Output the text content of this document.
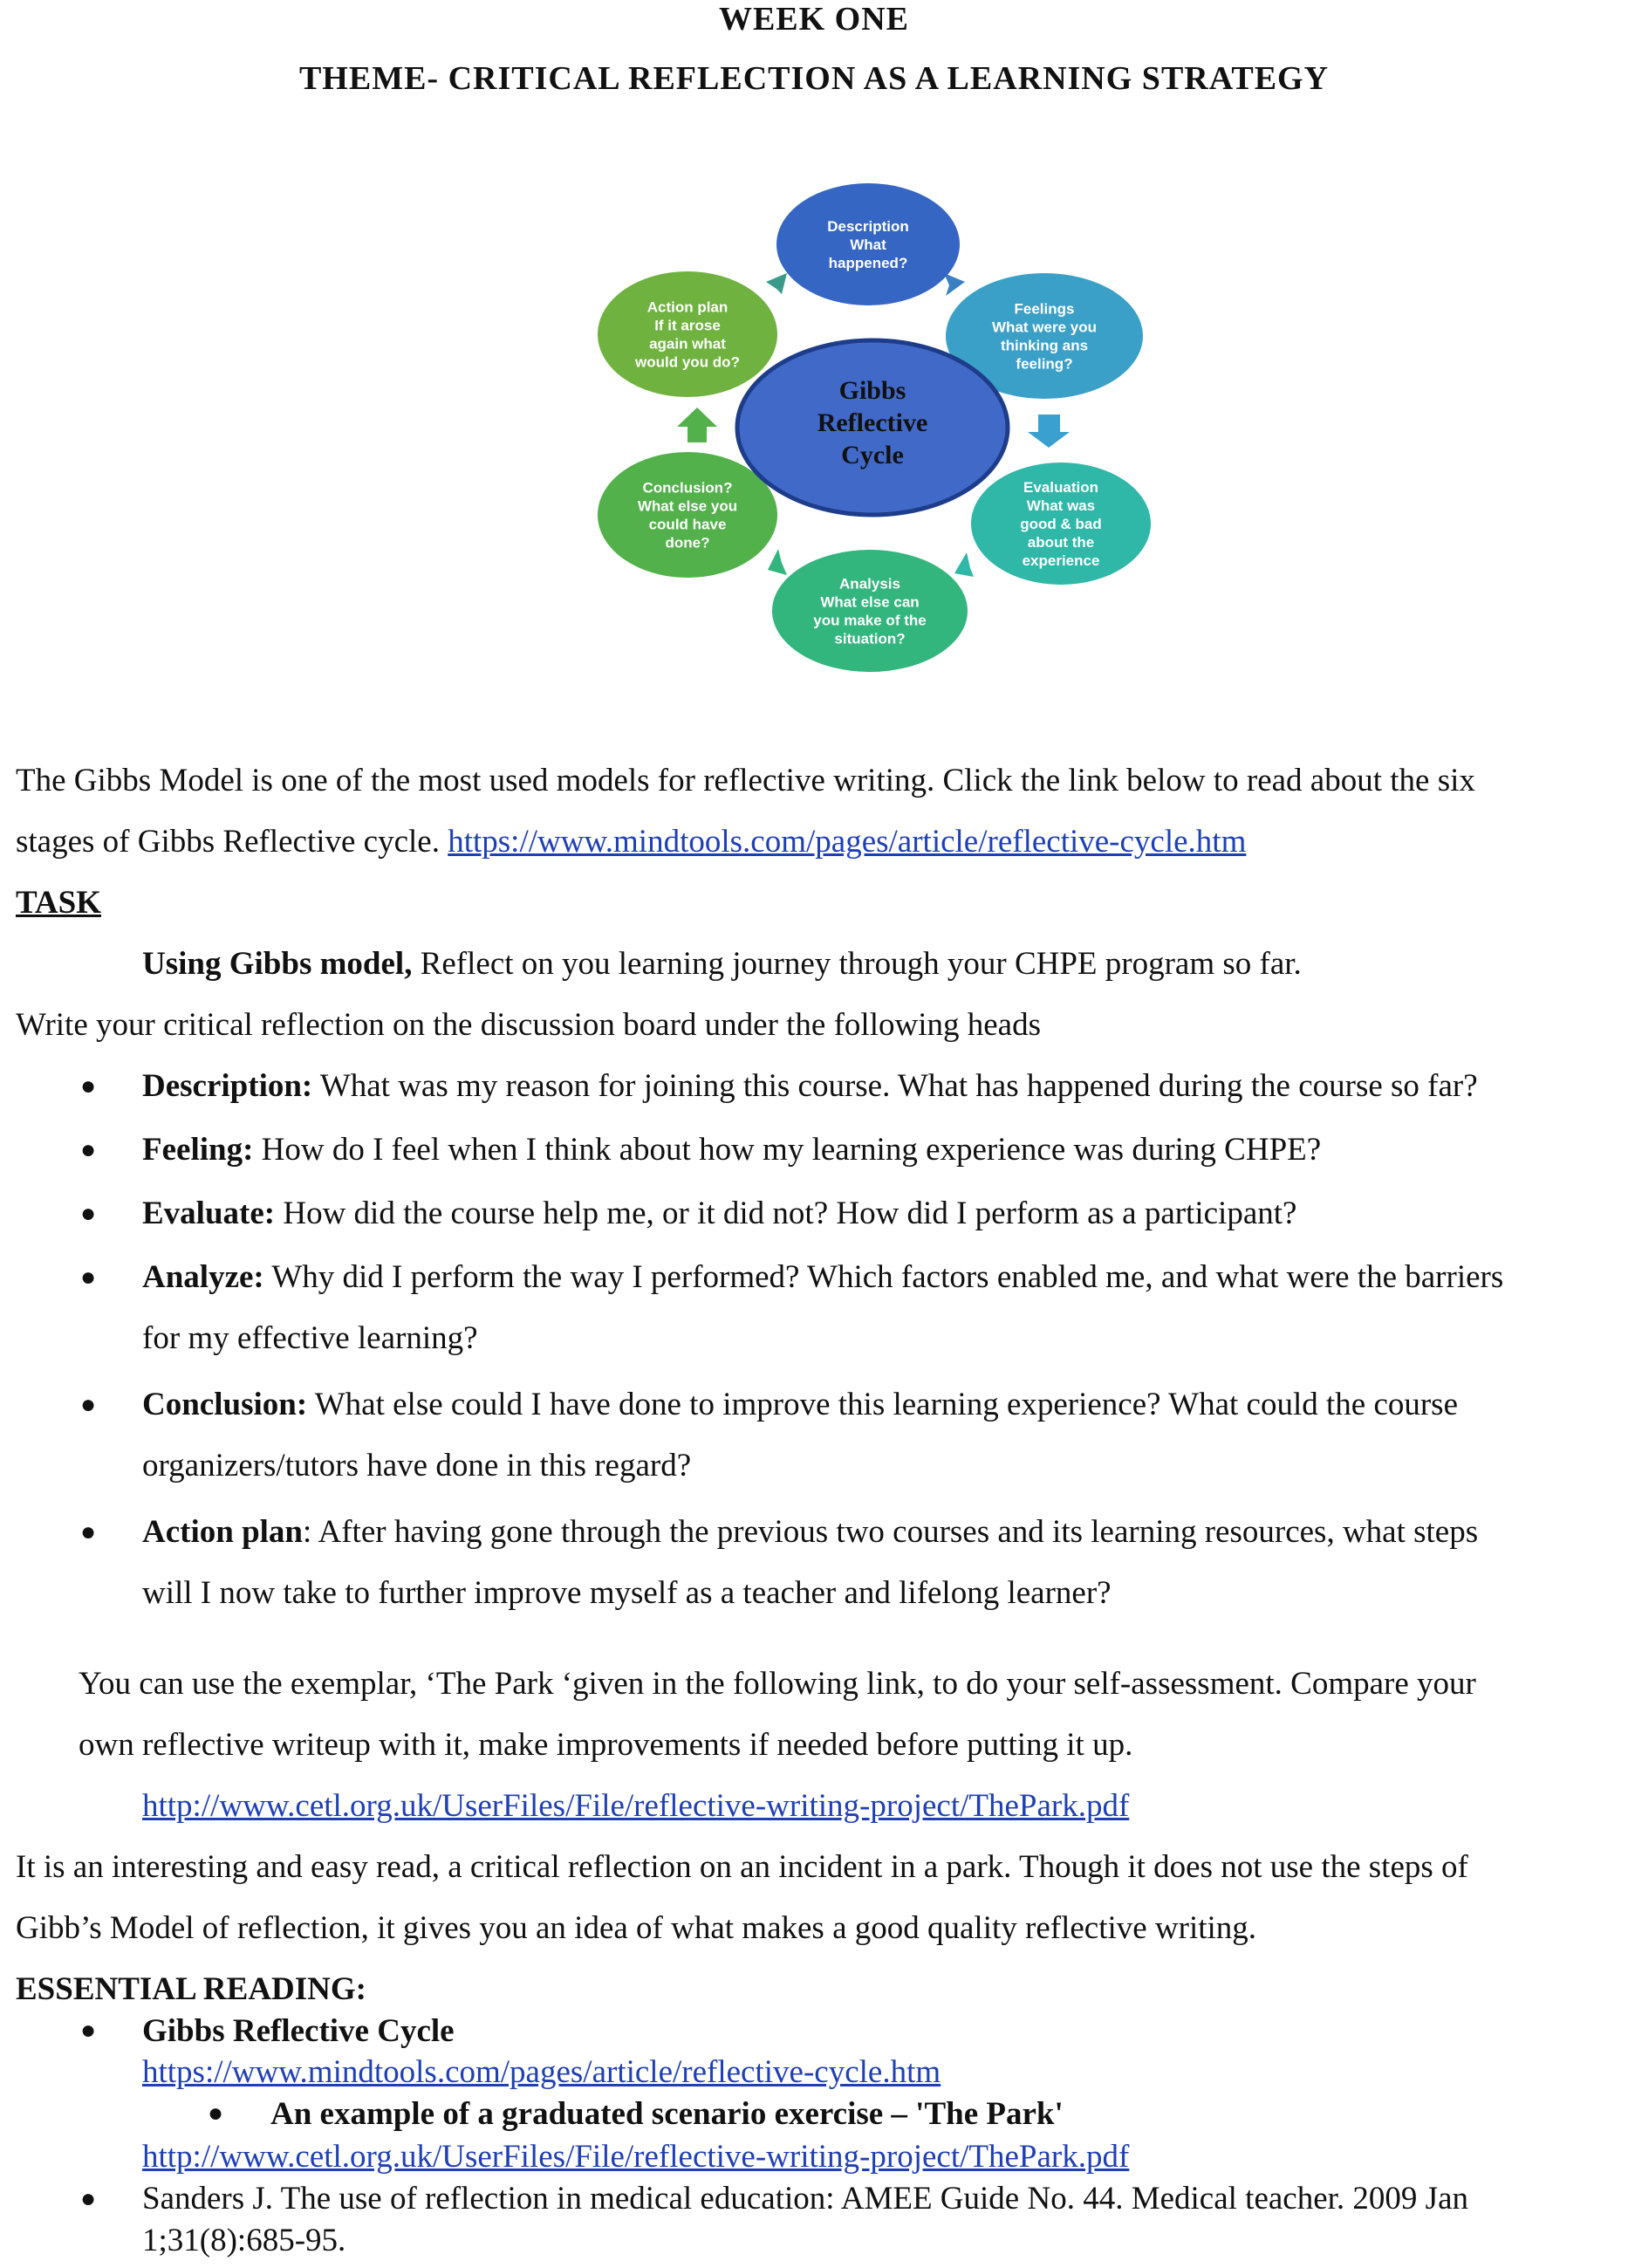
WEEK ONE
THEME- CRITICAL REFLECTION AS A LEARNING STRATEGY
Description
What
happened?
Feelings
What were you
thinking ans
feeling?
Evaluation
What was
good & bad
about the
experience
Analysis
What else can
you make of the
situation?
Conclusion?
What else you
could have
done?
Action plan
If it arose
again what
would you do?
Gibbs
Reflective
Cycle
The Gibbs Model is one of the most used models for reflective writing. Click the link below to read about the six
stages of Gibbs Reflective cycle. https://www.mindtools.com/pages/article/reflective-cycle.htm
TASK
Using Gibbs model, Reflect on you learning journey through your CHPE program so far.
Write your critical reflection on the discussion board under the following heads
● Description: What was my reason for joining this course. What has happened during the course so far?
● Feeling: How do I feel when I think about how my learning experience was during CHPE?
● Evaluate: How did the course help me, or it did not? How did I perform as a participant?
● Analyze: Why did I perform the way I performed? Which factors enabled me, and what were the barriers
for my effective learning?
● Conclusion: What else could I have done to improve this learning experience? What could the course
organizers/tutors have done in this regard?
● Action plan: After having gone through the previous two courses and its learning resources, what steps
will I now take to further improve myself as a teacher and lifelong learner?
You can use the exemplar, ‘The Park ‘given in the following link, to do your self-assessment. Compare your
own reflective writeup with it, make improvements if needed before putting it up.
http://www.cetl.org.uk/UserFiles/File/reflective-writing-project/ThePark.pdf
It is an interesting and easy read, a critical reflection on an incident in a park. Though it does not use the steps of
Gibb’s Model of reflection, it gives you an idea of what makes a good quality reflective writing.
ESSENTIAL READING:
● Gibbs Reflective Cycle
https://www.mindtools.com/pages/article/reflective-cycle.htm
● An example of a graduated scenario exercise – 'The Park'
http://www.cetl.org.uk/UserFiles/File/reflective-writing-project/ThePark.pdf
● Sanders J. The use of reflection in medical education: AMEE Guide No. 44. Medical teacher. 2009 Jan
1;31(8):685-95.
